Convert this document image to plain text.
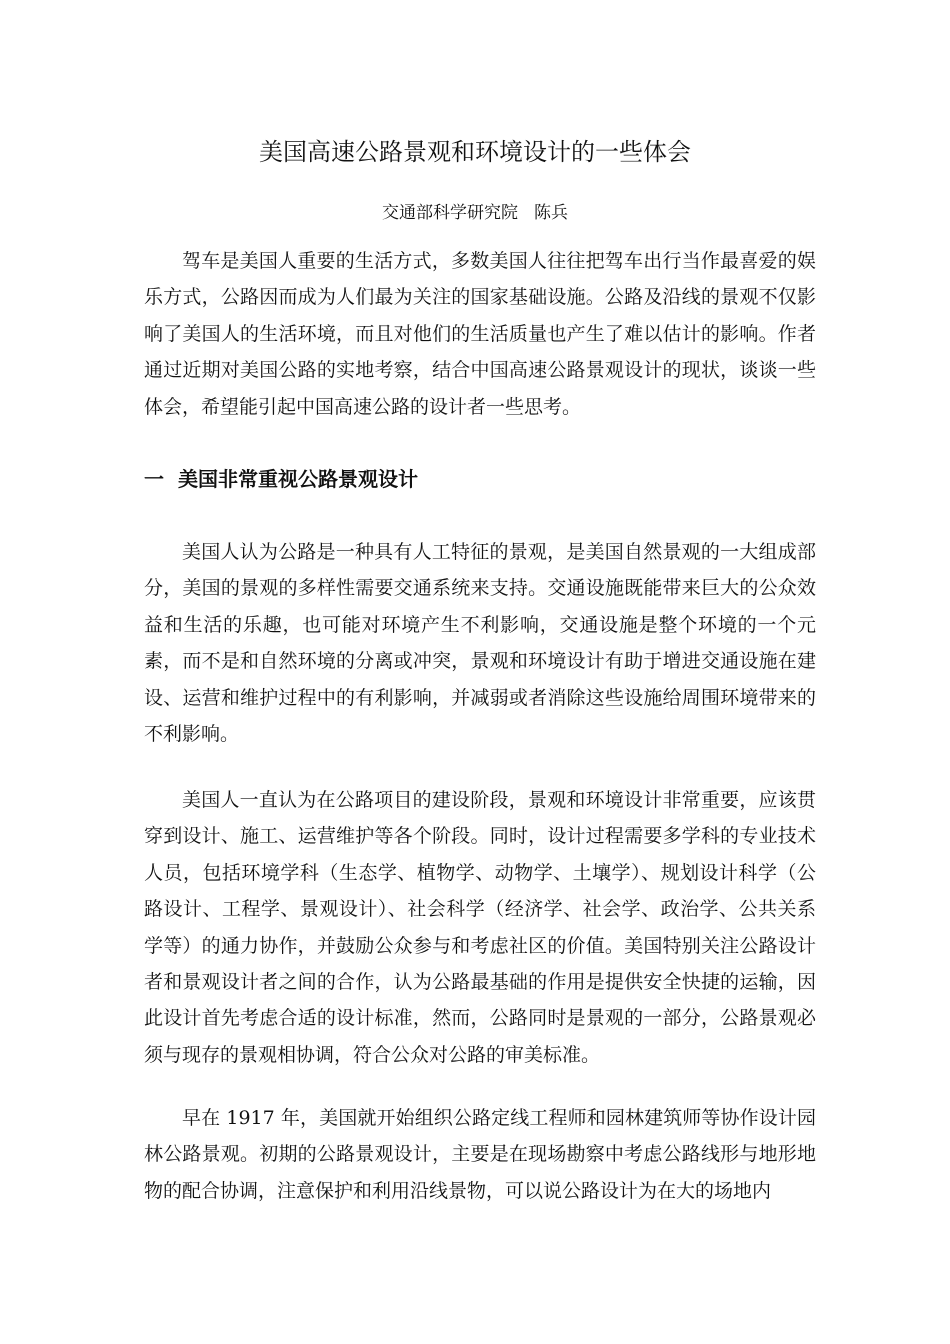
美国高速公路景观和环境设计的一些体会
交通部科学研究院 陈兵

驾车是美国人重要的生活方式，多数美国人往往把驾车出行当作最喜爱的娱乐方式，公路因而成为人们最为关注的国家基础设施。公路及沿线的景观不仅影响了美国人的生活环境，而且对他们的生活质量也产生了难以估计的影响。作者通过近期对美国公路的实地考察，结合中国高速公路景观设计的现状，谈谈一些体会，希望能引起中国高速公路的设计者一些思考。

一 美国非常重视公路景观设计

美国人认为公路是一种具有人工特征的景观，是美国自然景观的一大组成部分，美国的景观的多样性需要交通系统来支持。交通设施既能带来巨大的公众效益和生活的乐趣，也可能对环境产生不利影响，交通设施是整个环境的一个元素，而不是和自然环境的分离或冲突，景观和环境设计有助于增进交通设施在建设、运营和维护过程中的有利影响，并减弱或者消除这些设施给周围环境带来的不利影响。

美国人一直认为在公路项目的建设阶段，景观和环境设计非常重要，应该贯穿到设计、施工、运营维护等各个阶段。同时，设计过程需要多学科的专业技术人员，包括环境学科（生态学、植物学、动物学、土壤学）、规划设计科学（公路设计、工程学、景观设计）、社会科学（经济学、社会学、政治学、公共关系学等）的通力协作，并鼓励公众参与和考虑社区的价值。美国特别关注公路设计者和景观设计者之间的合作，认为公路最基础的作用是提供安全快捷的运输，因此设计首先考虑合适的设计标准，然而，公路同时是景观的一部分，公路景观必须与现存的景观相协调，符合公众对公路的审美标准。

早在 1917 年，美国就开始组织公路定线工程师和园林建筑师等协作设计园林公路景观。初期的公路景观设计，主要是在现场勘察中考虑公路线形与地形地物的配合协调，注意保护和利用沿线景物，可以说公路设计为在大的场地内
